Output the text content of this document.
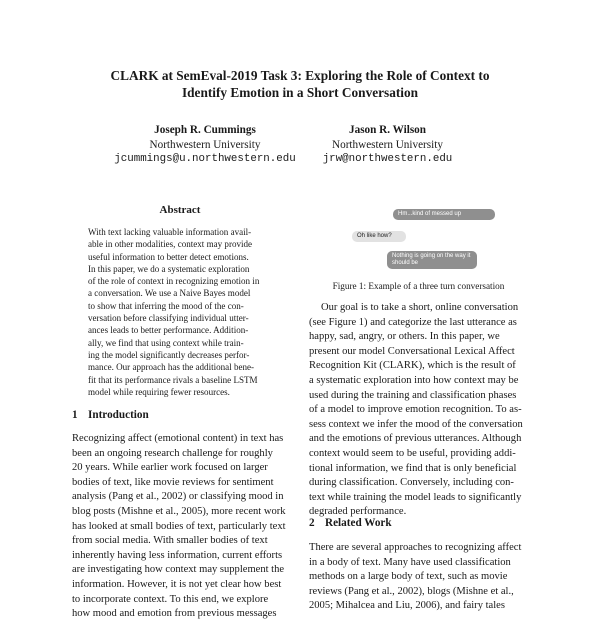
CLARK at SemEval-2019 Task 3: Exploring the Role of Context to
Identify Emotion in a Short Conversation
Joseph R. Cummings
Northwestern University
jcummings@u.northwestern.edu
Jason R. Wilson
Northwestern University
jrw@northwestern.edu
Abstract
With text lacking valuable information avail-
able in other modalities, context may provide
useful information to better detect emotions.
In this paper, we do a systematic exploration
of the role of context in recognizing emotion in
a conversation. We use a Naive Bayes model
to show that inferring the mood of the con-
versation before classifying individual utter-
ances leads to better performance. Addition-
ally, we find that using context while train-
ing the model significantly decreases perfor-
mance. Our approach has the additional bene-
fit that its performance rivals a baseline LSTM
model while requiring fewer resources.
1 Introduction
Recognizing affect (emotional content) in text has
been an ongoing research challenge for roughly
20 years. While earlier work focused on larger
bodies of text, like movie reviews for sentiment
analysis (Pang et al., 2002) or classifying mood in
blog posts (Mishne et al., 2005), more recent work
has looked at small bodies of text, particularly text
from social media. With smaller bodies of text
inherently having less information, current efforts
are investigating how context may supplement the
information. However, it is not yet clear how best
to incorporate context. To this end, we explore
how mood and emotion from previous messages
Hm...kind of messed up
Oh like how?
Nothing is going on the way it should be
Figure 1: Example of a three turn conversation
Our goal is to take a short, online conversation
(see Figure 1) and categorize the last utterance as
happy, sad, angry, or others. In this paper, we
present our model Conversational Lexical Affect
Recognition Kit (CLARK), which is the result of
a systematic exploration into how context may be
used during the training and classification phases
of a model to improve emotion recognition. To as-
sess context we infer the mood of the conversation
and the emotions of previous utterances. Although
context would seem to be useful, providing addi-
tional information, we find that is only beneficial
during classification. Conversely, including con-
text while training the model leads to significantly
degraded performance.
2 Related Work
There are several approaches to recognizing affect
in a body of text. Many have used classification
methods on a large body of text, such as movie
reviews (Pang et al., 2002), blogs (Mishne et al.,
2005; Mihalcea and Liu, 2006), and fairy tales
